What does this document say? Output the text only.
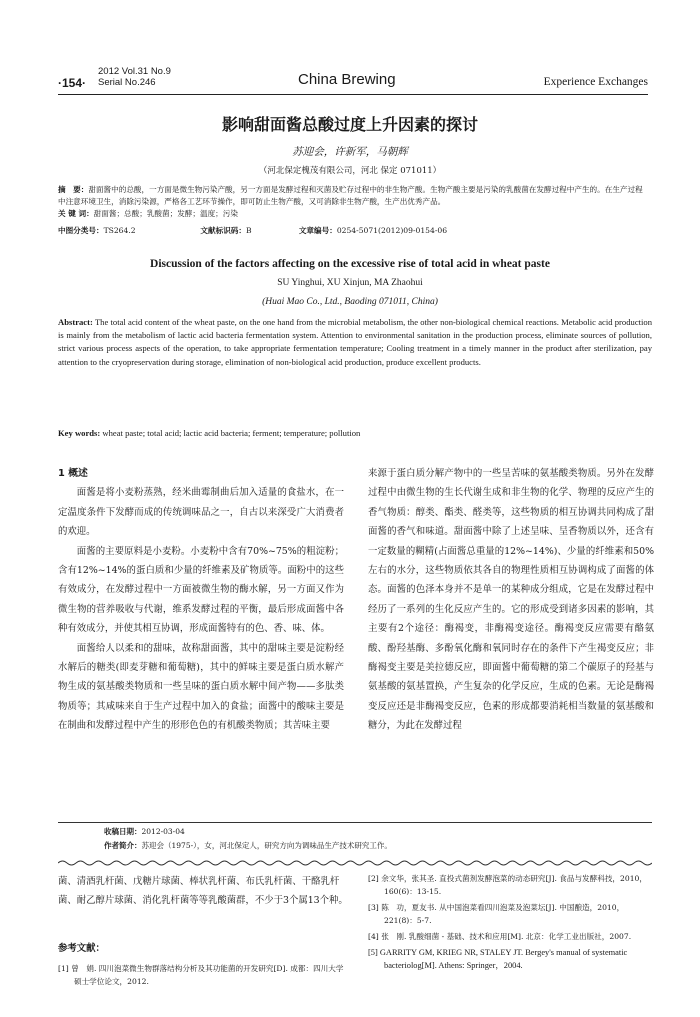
2012 Vol.31 No.9
Serial No.246
·154·	China Brewing	Experience Exchanges
影响甜面酱总酸过度上升因素的探讨
苏迎会，许新军，马朝辉
（河北保定槐茂有限公司，河北 保定 071011）
摘　要：甜面酱中的总酸，一方面是微生物污染产酸，另一方面是发酵过程和灭菌及贮存过程中的非生物产酸。生物产酸主要是污染的乳酸菌在发酵过程中产生的。在生产过程中注意环境卫生，消除污染源，严格各工艺环节操作，即可防止生物产酸，又可消除非生物产酸，生产出优秀产品。
关 键 词：甜面酱；总酸；乳酸菌；发酵；温度；污染
中图分类号：TS264.2	文献标识码：B	文章编号：0254-5071(2012)09-0154-06
Discussion of the factors affecting on the excessive rise of total acid in wheat paste
SU Yinghui, XU Xinjun, MA Zhaohui
(Huai Mao Co., Ltd., Baoding 071011, China)
Abstract: The total acid content of the wheat paste, on the one hand from the microbial metabolism, the other non-biological chemical reactions. Metabolic acid production is mainly from the metabolism of lactic acid bacteria fermentation system. Attention to environmental sanitation in the production process, eliminate sources of pollution, strict various process aspects of the operation, to take appropriate fermentation temperature; Cooling treatment in a timely manner in the product after sterilization, pay attention to the cryopreservation during storage, elimination of non-biological acid production, produce excellent products.
Key words: wheat paste; total acid; lactic acid bacteria; ferment; temperature; pollution
1 概述

面酱是将小麦粉蒸熟，经米曲霉制曲后加入适量的食盐水，在一定温度条件下发酵而成的传统调味品之一，自古以来深受广大消费者的欢迎。

面酱的主要原料是小麦粉。小麦粉中含有70%~75%的粗淀粉；含有12%~14%的蛋白质和少量的纤维素及矿物质等。面粉中的这些有效成分，在发酵过程中一方面被微生物的酶水解，另一方面又作为微生物的营养吸收与代谢，维系发酵过程的平衡，最后形成面酱中各种有效成分，并使其相互协调，形成面酱特有的色、香、味、体。

面酱给人以柔和的甜味，故称甜面酱，其中的甜味主要是淀粉经水解后的糖类(即麦芽糖和葡萄糖)，其中的鲜味主要是蛋白质水解产物生成的氨基酸类物质和一些呈味的蛋白质水解中间产物——多肽类物质等；其咸味来自于生产过程中加入的食盐；面酱中的酸味主要是在制曲和发酵过程中产生的形形色色的有机酸类物质；其苦味主要

来源于蛋白质分解产物中的一些呈苦味的氨基酸类物质。另外在发酵过程中由微生物的生长代谢生成和非生物的化学、物理的反应产生的香气物质：醇类、酯类、醛类等，这些物质的相互协调共同构成了甜面酱的香气和味道。甜面酱中除了上述呈味、呈香物质以外，还含有一定数量的糊精(占面酱总重量的12%~14%)、少量的纤维素和50%左右的水分，这些物质依其各自的物理性质相互协调构成了面酱的体态。面酱的色泽本身并不是单一的某种成分组成，它是在发酵过程中经历了一系列的生化反应产生的。它的形成受到诸多因素的影响，其主要有2个途径：酶褐变，非酶褐变途径。酶褐变反应需要有酪氨酸、酚羟基酶、多酚氧化酶和氧同时存在的条件下产生褐变反应；非酶褐变主要是美拉德反应，即面酱中葡萄糖的第二个碳原子的羟基与氨基酸的氨基置换，产生复杂的化学反应，生成的色素。无论是酶褐变反应还是非酶褐变反应，色素的形成都要消耗相当数量的氨基酸和糖分，为此在发酵过程

收稿日期：2012-03-04
作者简介：苏迎会（1975-），女，河北保定人，研究方向为调味品生产技术研究工作。
菌、清酒乳杆菌、戊糖片球菌、棒状乳杆菌、布氏乳杆菌、干酪乳杆菌、耐乙醇片球菌、消化乳杆菌等等乳酸菌群，不少于3个属13个种。
参考文献：
[1] 曾　娟. 四川泡菜微生物群落结构分析及其功能菌的开发研究[D]. 成都：四川大学硕士学位论文，2012.
[2] 余文华，张其圣. 直投式菌剂发酵泡菜的动态研究[J]. 食品与发酵科技，2010，160(6)：13-15.
[3] 陈　功，夏友书. 从中国泡菜看四川泡菜及泡菜坛[J]. 中国酿造，2010，221(8)：5-7.
[4] 张　刚. 乳酸细菌 - 基础、技术和应用[M]. 北京：化学工业出版社，2007.
[5] GARRITY GM, KRIEG NR, STALEY JT. Bergey's manual of systematic bacteriolog[M]. Athens: Springer，2004.
